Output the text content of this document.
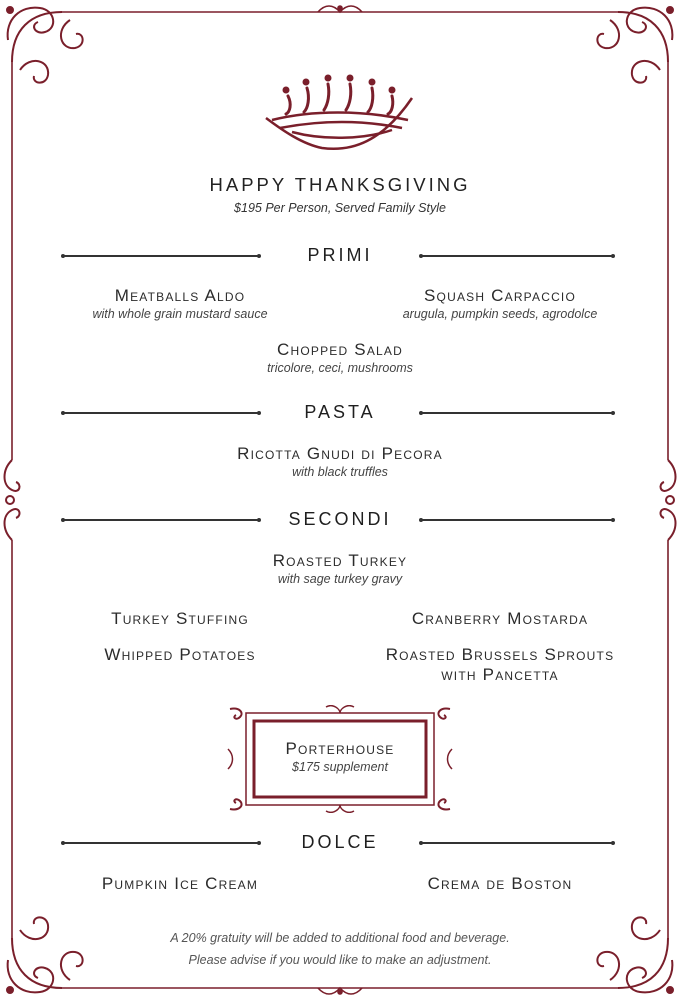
HAPPY THANKSGIVING
$195 Per Person, Served Family Style
PRIMI
Meatballs Aldo
with whole grain mustard sauce
Squash Carpaccio
arugula, pumpkin seeds, agrodolce
Chopped Salad
tricolore, ceci, mushrooms
PASTA
Ricotta Gnudi di Pecora
with black truffles
SECONDI
Roasted Turkey
with sage turkey gravy
Turkey Stuffing	Cranberry Mostarda
Whipped Potatoes	Roasted Brussels Sprouts
with Pancetta
Porterhouse
$175 supplement
DOLCE
Pumpkin Ice Cream	Crema de Boston
A 20% gratuity will be added to additional food and beverage.
Please advise if you would like to make an adjustment.
